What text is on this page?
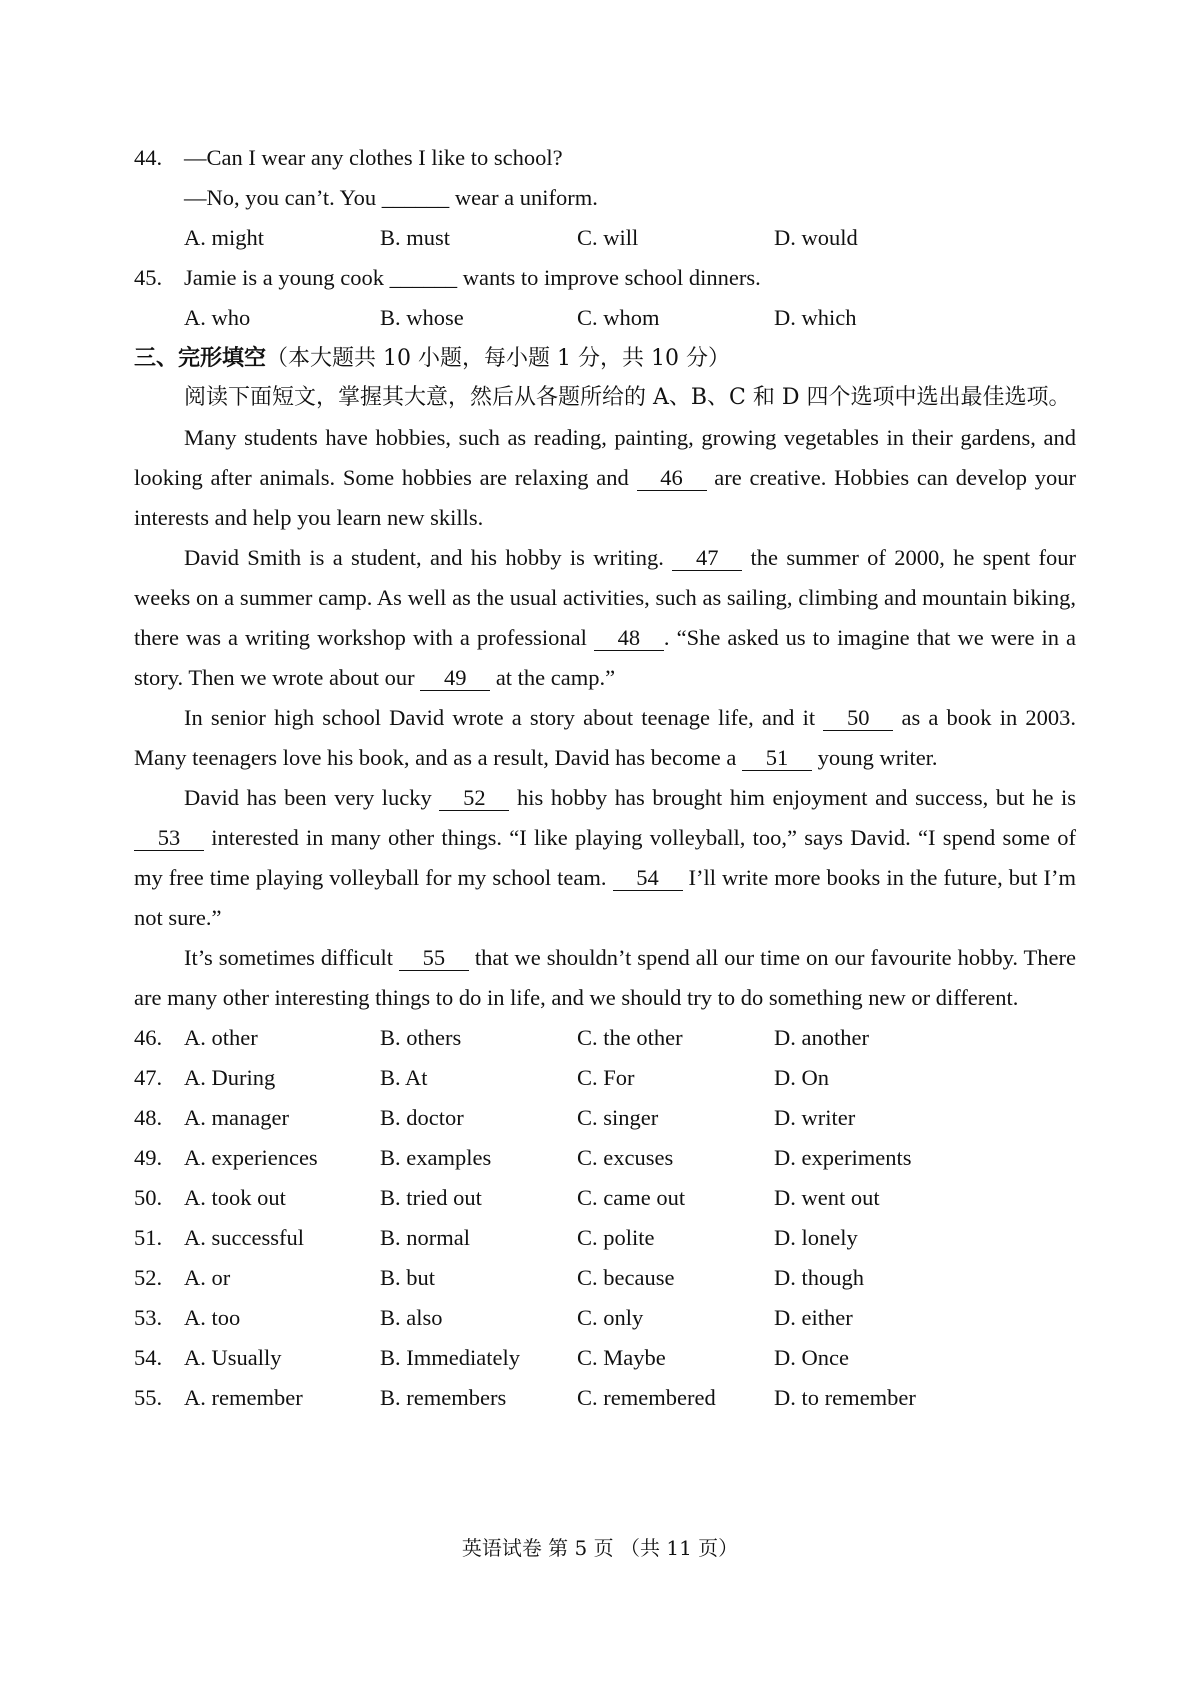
44. —Can I wear any clothes I like to school?
—No, you can’t. You ______ wear a uniform.
A. might	B. must	C. will	D. would
45. Jamie is a young cook ______ wants to improve school dinners.
A. who	B. whose	C. whom	D. which
三、完形填空（本大题共 10 小题，每小题 1 分，共 10 分）

阅读下面短文，掌握其大意，然后从各题所给的 A、B、C 和 D 四个选项中选出最佳选项。

Many students have hobbies, such as reading, painting, growing vegetables in their gardens, and looking after animals. Some hobbies are relaxing and 46 are creative. Hobbies can develop your interests and help you learn new skills.

David Smith is a student, and his hobby is writing. 47 the summer of 2000, he spent four weeks on a summer camp. As well as the usual activities, such as sailing, climbing and mountain biking, there was a writing workshop with a professional 48 . “She asked us to imagine that we were in a story. Then we wrote about our 49 at the camp.”

In senior high school David wrote a story about teenage life, and it 50 as a book in 2003. Many teenagers love his book, and as a result, David has become a 51 young writer.

David has been very lucky 52 his hobby has brought him enjoyment and success, but he is 53 interested in many other things. “I like playing volleyball, too,” says David. “I spend some of my free time playing volleyball for my school team. 54 I’ll write more books in the future, but I’m not sure.”

It’s sometimes difficult 55 that we shouldn’t spend all our time on our favourite hobby. There are many other interesting things to do in life, and we should try to do something new or different.

46. A. other	B. others	C. the other	D. another
47. A. During	B. At	C. For	D. On
48. A. manager	B. doctor	C. singer	D. writer
49. A. experiences	B. examples	C. excuses	D. experiments
50. A. took out	B. tried out	C. came out	D. went out
51. A. successful	B. normal	C. polite	D. lonely
52. A. or	B. but	C. because	D. though
53. A. too	B. also	C. only	D. either
54. A. Usually	B. Immediately	C. Maybe	D. Once
55. A. remember	B. remembers	C. remembered	D. to remember
英语试卷 第 5 页 （共 11 页）
